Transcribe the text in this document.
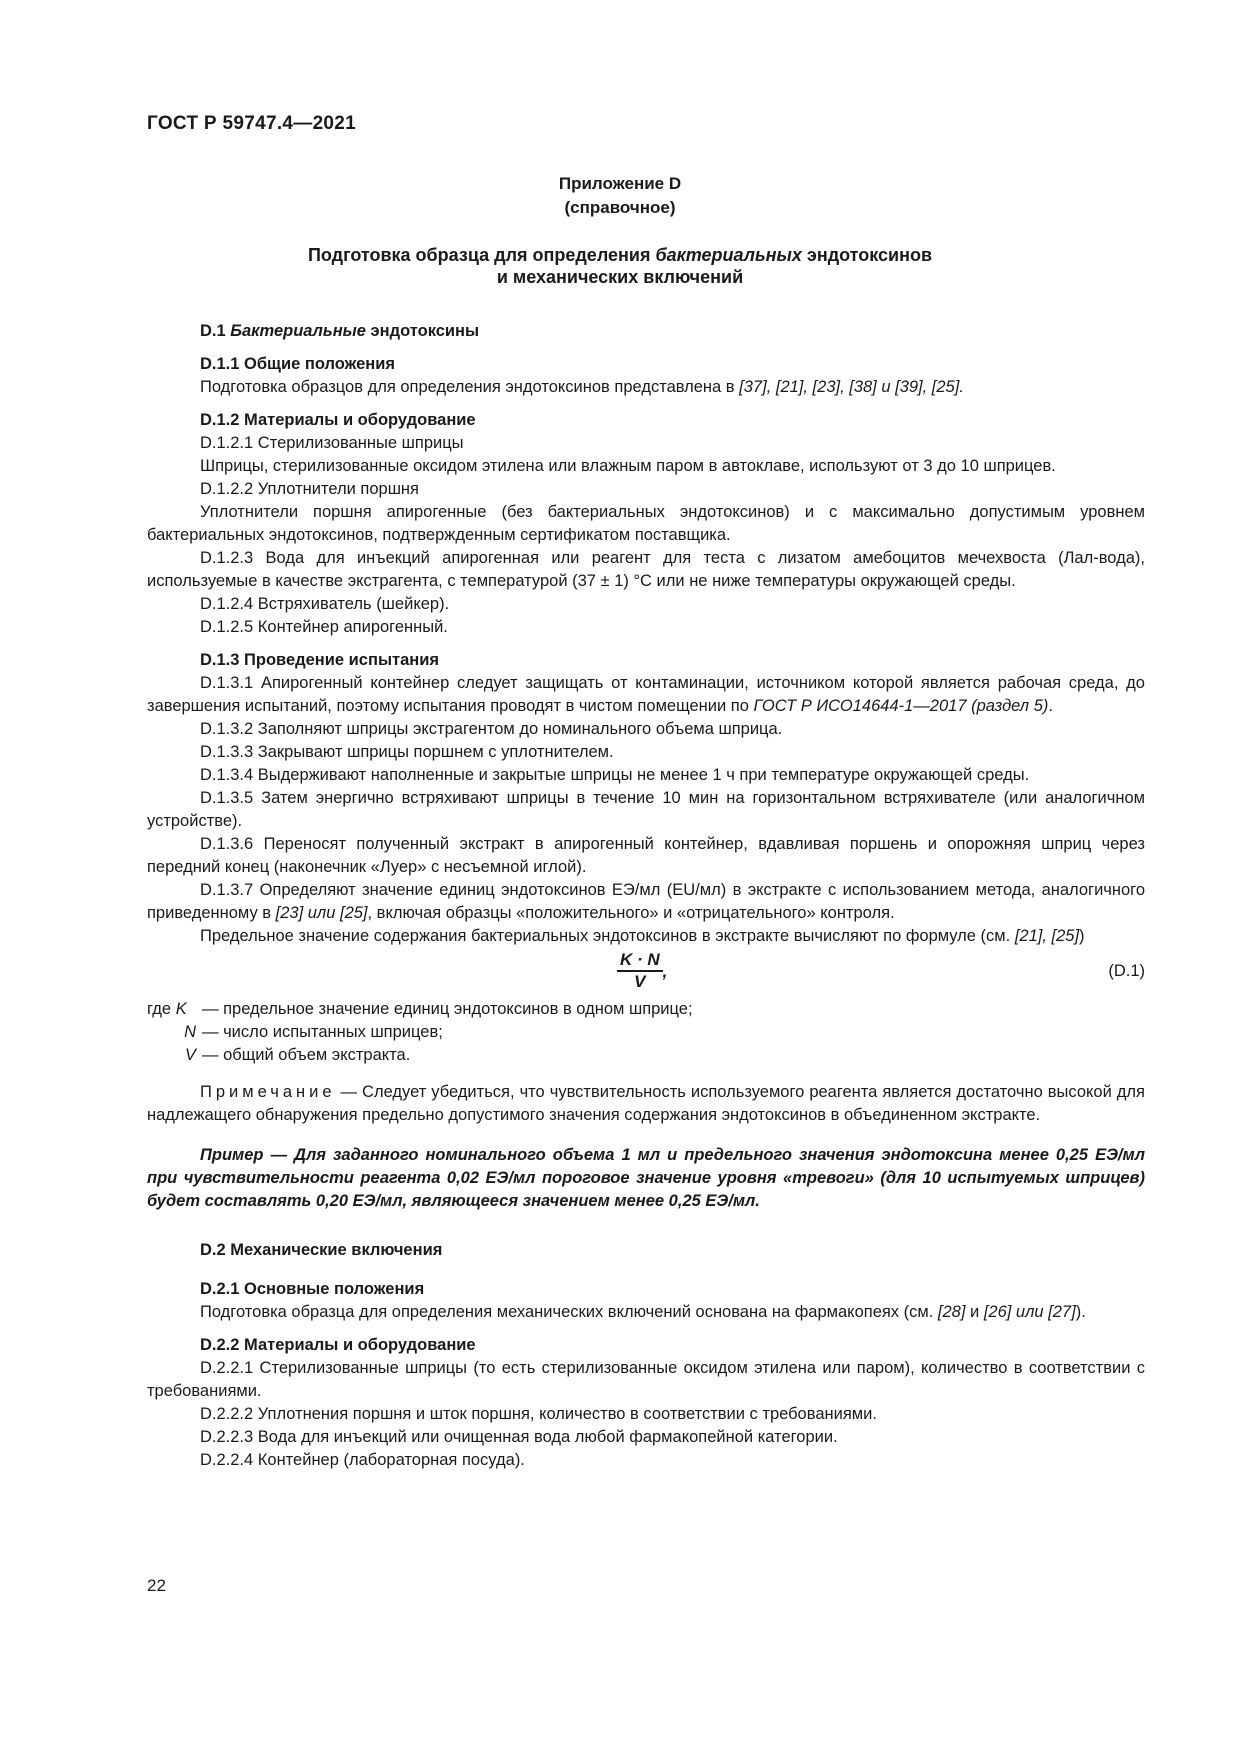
ГОСТ Р 59747.4—2021
Приложение D
(справочное)
Подготовка образца для определения бактериальных эндотоксинов
и механических включений
D.1 Бактериальные эндотоксины
D.1.1 Общие положения

Подготовка образцов для определения эндотоксинов представлена в [37], [21], [23], [38] и [39], [25].

D.1.2 Материалы и оборудование
D.1.2.1 Стерилизованные шприцы

Шприцы, стерилизованные оксидом этилена или влажным паром в автоклаве, используют от 3 до 10 шприцев.

D.1.2.2 Уплотнители поршня

Уплотнители поршня апирогенные (без бактериальных эндотоксинов) и с максимально допустимым уровнем бактериальных эндотоксинов, подтвержденным сертификатом поставщика.

D.1.2.3 Вода для инъекций апирогенная или реагент для теста с лизатом амебоцитов мечехвоста (Лал-вода), используемые в качестве экстрагента, с температурой (37 ± 1) °С или не ниже температуры окружающей среды.

D.1.2.4 Встряхиватель (шейкер).
D.1.2.5 Контейнер апирогенный.
D.1.3 Проведение испытания

D.1.3.1 Апирогенный контейнер следует защищать от контаминации, источником которой является рабочая среда, до завершения испытаний, поэтому испытания проводят в чистом помещении по ГОСТ Р ИСО14644-1—2017 (раздел 5).

D.1.3.2 Заполняют шприцы экстрагентом до номинального объема шприца.

D.1.3.3 Закрывают шприцы поршнем с уплотнителем.

D.1.3.4 Выдерживают наполненные и закрытые шприцы не менее 1 ч при температуре окружающей среды.

D.1.3.5 Затем энергично встряхивают шприцы в течение 10 мин на горизонтальном встряхивателе (или аналогичном устройстве).

D.1.3.6 Переносят полученный экстракт в апирогенный контейнер, вдавливая поршень и опорожняя шприц через передний конец (наконечник «Луер» с несъемной иглой).

D.1.3.7 Определяют значение единиц эндотоксинов ЕЭ/мл (EU/мл) в экстракте с использованием метода, аналогичного приведенному в [23] или [25], включая образцы «положительного» и «отрицательного» контроля.

Предельное значение содержания бактериальных эндотоксинов в экстракте вычисляют по формуле (см. [21], [25])

$\frac{K \cdot N}{V}$ ,	(D.1)
где K — предельное значение единиц эндотоксинов в одном шприце;
N — число испытанных шприцев;
V — общий объем экстракта.

Примечание — Следует убедиться, что чувствительность используемого реагента является достаточно высокой для надлежащего обнаружения предельно допустимого значения содержания эндотоксинов в объединенном экстракте.

Пример — Для заданного номинального объема 1 мл и предельного значения эндотоксина менее 0,25 ЕЭ/мл при чувствительности реагента 0,02 ЕЭ/мл пороговое значение уровня «тревоги» (для 10 испытуемых шприцев) будет составлять 0,20 ЕЭ/мл, являющееся значением менее 0,25 ЕЭ/мл.

D.2 Механические включения
D.2.1 Основные положения

Подготовка образца для определения механических включений основана на фармакопеях (см. [28] и [26] или [27]).

D.2.2 Материалы и оборудование

D.2.2.1 Стерилизованные шприцы (то есть стерилизованные оксидом этилена или паром), количество в соответствии с требованиями.

D.2.2.2 Уплотнения поршня и шток поршня, количество в соответствии с требованиями.

D.2.2.3 Вода для инъекций или очищенная вода любой фармакопейной категории.

D.2.2.4 Контейнер (лабораторная посуда).

22
